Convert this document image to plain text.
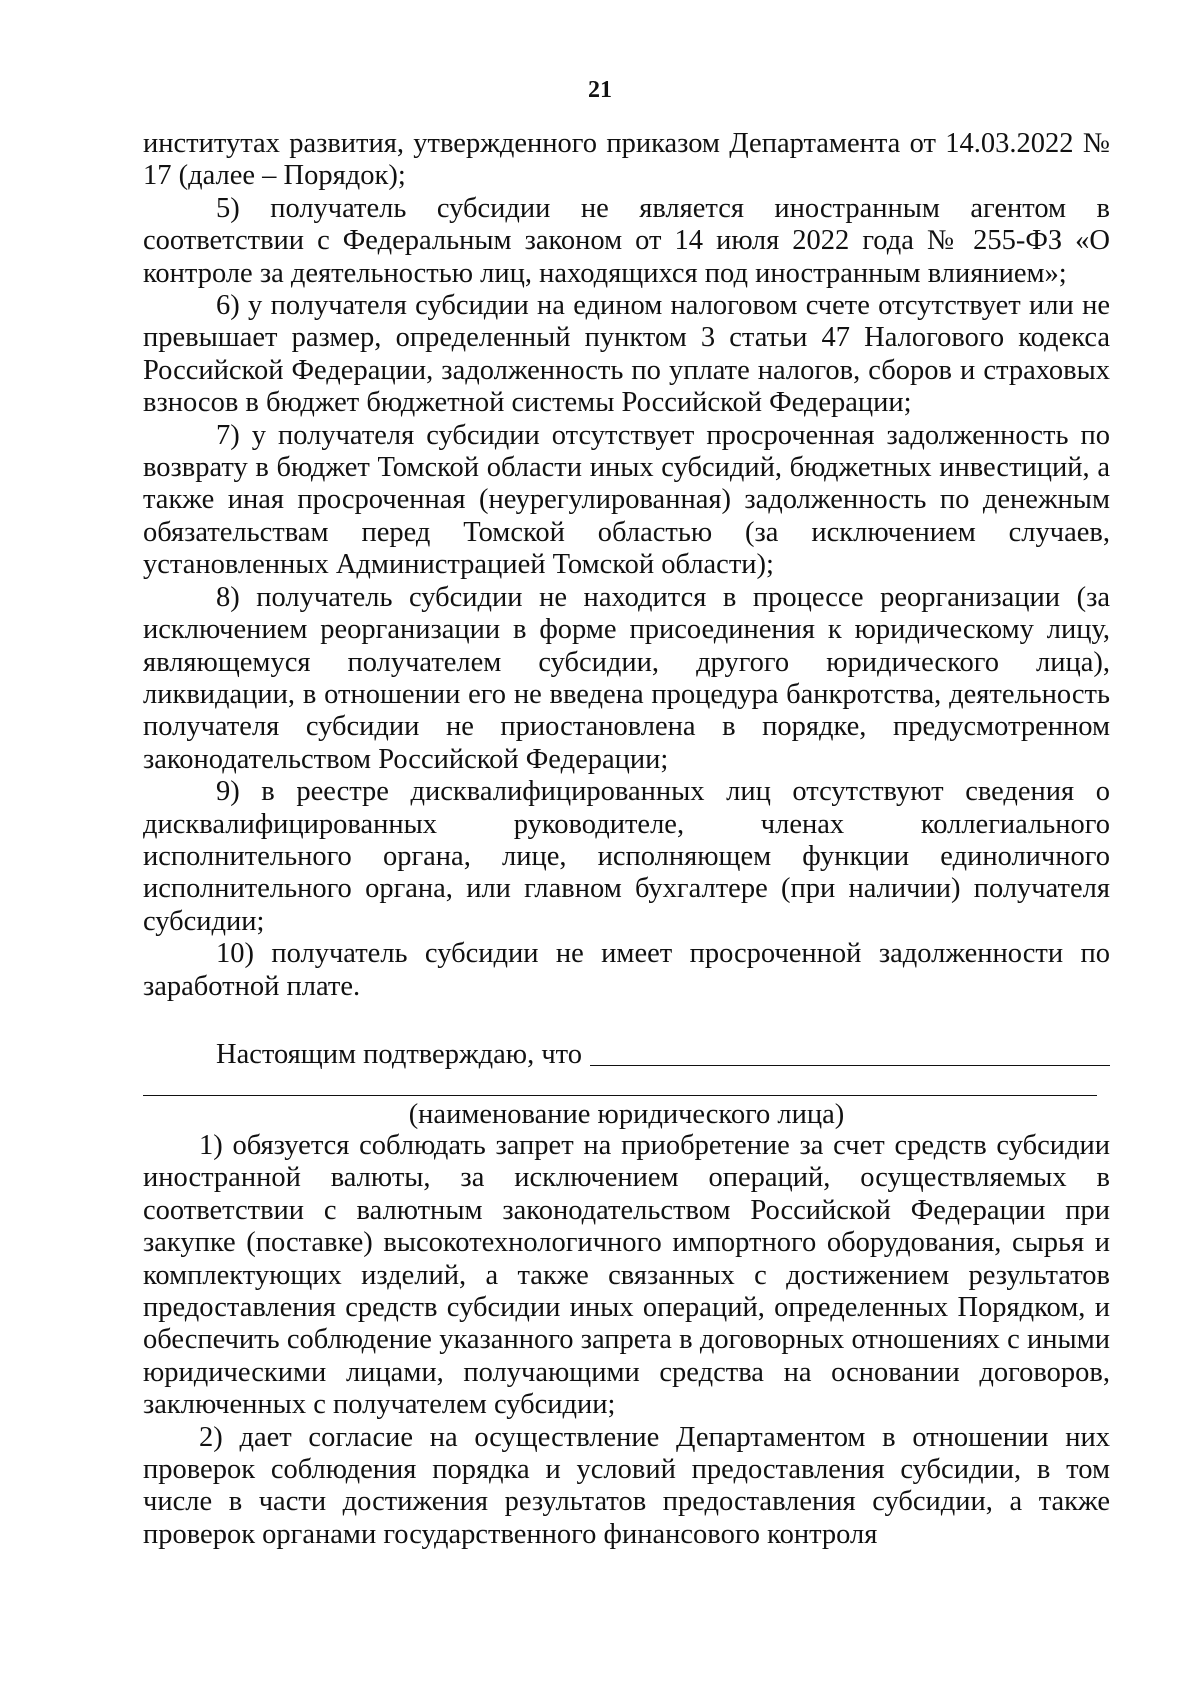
21

институтах развития, утвержденного приказом Департамента от 14.03.2022 № 17 (далее – Порядок);

5) получатель субсидии не является иностранным агентом в соответствии с Федеральным законом от 14 июля 2022 года № 255-ФЗ «О контроле за деятельностью лиц, находящихся под иностранным влиянием»;

6) у получателя субсидии на едином налоговом счете отсутствует или не превышает размер, определенный пунктом 3 статьи 47 Налогового кодекса Российской Федерации, задолженность по уплате налогов, сборов и страховых взносов в бюджет бюджетной системы Российской Федерации;

7) у получателя субсидии отсутствует просроченная задолженность по возврату в бюджет Томской области иных субсидий, бюджетных инвестиций, а также иная просроченная (неурегулированная) задолженность по денежным обязательствам перед Томской областью (за исключением случаев, установленных Администрацией Томской области);

8) получатель субсидии не находится в процессе реорганизации (за исключением реорганизации в форме присоединения к юридическому лицу, являющемуся получателем субсидии, другого юридического лица), ликвидации, в отношении его не введена процедура банкротства, деятельность получателя субсидии не приостановлена в порядке, предусмотренном законодательством Российской Федерации;

9) в реестре дисквалифицированных лиц отсутствуют сведения о дисквалифицированных руководителе, членах коллегиального исполнительного органа, лице, исполняющем функции единоличного исполнительного органа, или главном бухгалтере (при наличии) получателя субсидии;

10) получатель субсидии не имеет просроченной задолженности по заработной плате.

Настоящим подтверждаю, что

(наименование юридического лица)

1) обязуется соблюдать запрет на приобретение за счет средств субсидии иностранной валюты, за исключением операций, осуществляемых в соответствии с валютным законодательством Российской Федерации при закупке (поставке) высокотехнологичного импортного оборудования, сырья и комплектующих изделий, а также связанных с достижением результатов предоставления средств субсидии иных операций, определенных Порядком, и обеспечить соблюдение указанного запрета в договорных отношениях с иными юридическими лицами, получающими средства на основании договоров, заключенных с получателем субсидии;

2) дает согласие на осуществление Департаментом в отношении них проверок соблюдения порядка и условий предоставления субсидии, в том числе в части достижения результатов предоставления субсидии, а также проверок органами государственного финансового контроля
